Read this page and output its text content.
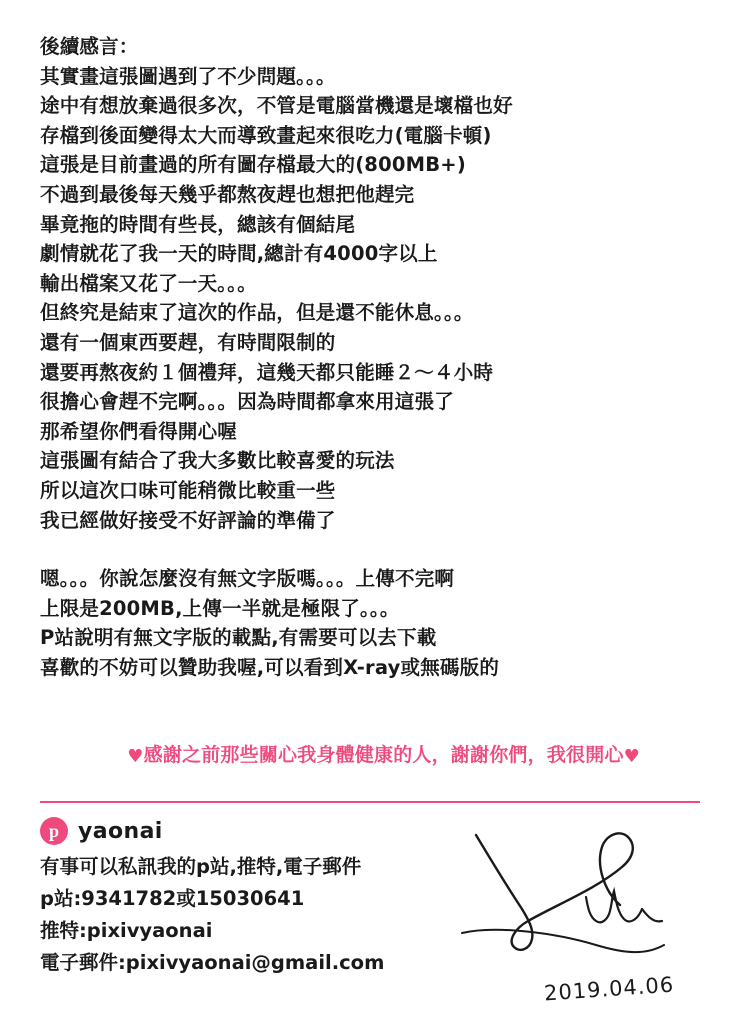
後續感言：
其實畫這張圖遇到了不少問題。。。
途中有想放棄過很多次，不管是電腦當機還是壞檔也好
存檔到後面變得太大而導致畫起來很吃力(電腦卡頓)
這張是目前畫過的所有圖存檔最大的(800MB+)
不過到最後每天幾乎都熬夜趕也想把他趕完
畢竟拖的時間有些長，總該有個結尾
劇情就花了我一天的時間,總計有4000字以上
輸出檔案又花了一天。。。
但終究是結束了這次的作品，但是還不能休息。。。
還有一個東西要趕，有時間限制的
還要再熬夜約１個禮拜，這幾天都只能睡２～４小時
很擔心會趕不完啊。。。因為時間都拿來用這張了
那希望你們看得開心喔
這張圖有結合了我大多數比較喜愛的玩法
所以這次口味可能稍微比較重一些
我已經做好接受不好評論的準備了
嗯。。。你說怎麼沒有無文字版嗎。。。上傳不完啊
上限是200MB,上傳一半就是極限了。。。
P站說明有無文字版的載點,有需要可以去下載
喜歡的不妨可以贊助我喔,可以看到X-ray或無碼版的

♥感謝之前那些關心我身體健康的人，謝謝你們，我很開心♥

p yaonai
有事可以私訊我的p站,推特,電子郵件
p站:9341782或15030641
推特:pixivyaonai
電子郵件:pixivyaonai@gmail.com
2019.04.06
